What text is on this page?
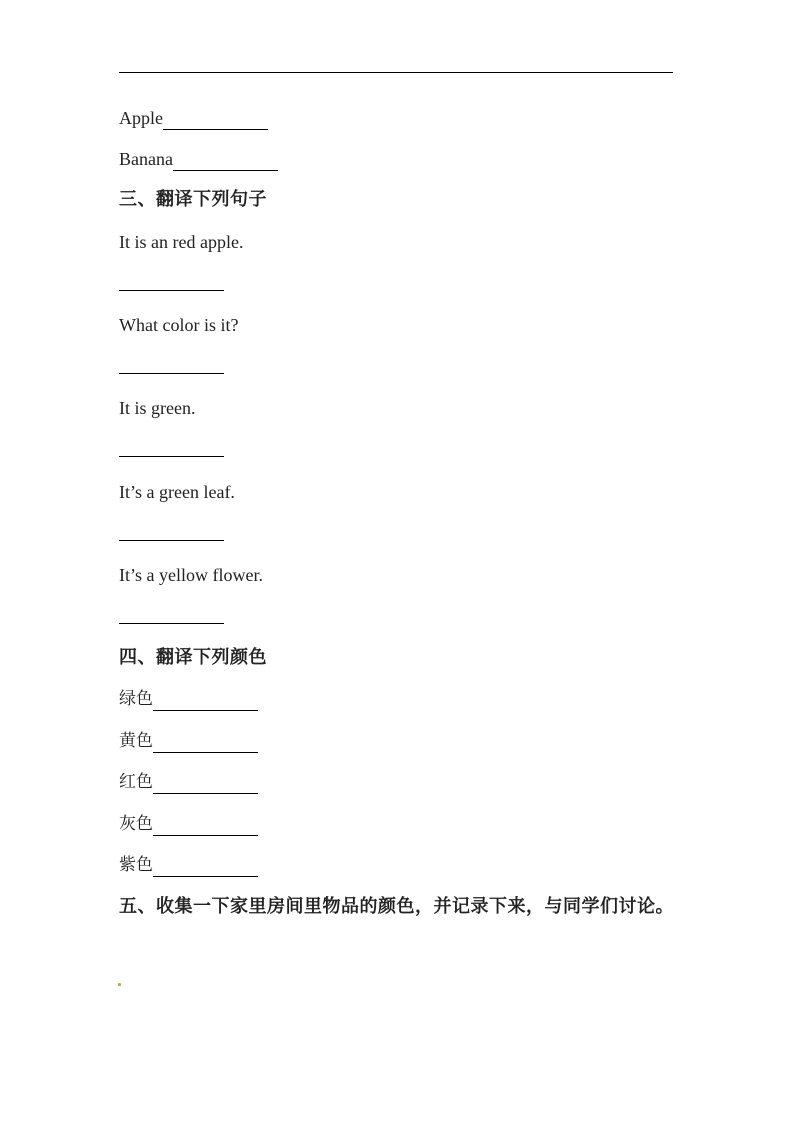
Apple
Banana
三、翻译下列句子
It is an red apple.
What color is it?
It is green.
It’s a green leaf.
It’s a yellow flower.
四、翻译下列颜色
绿色
黄色
红色
灰色
紫色
五、收集一下家里房间里物品的颜色，并记录下来，与同学们讨论。
